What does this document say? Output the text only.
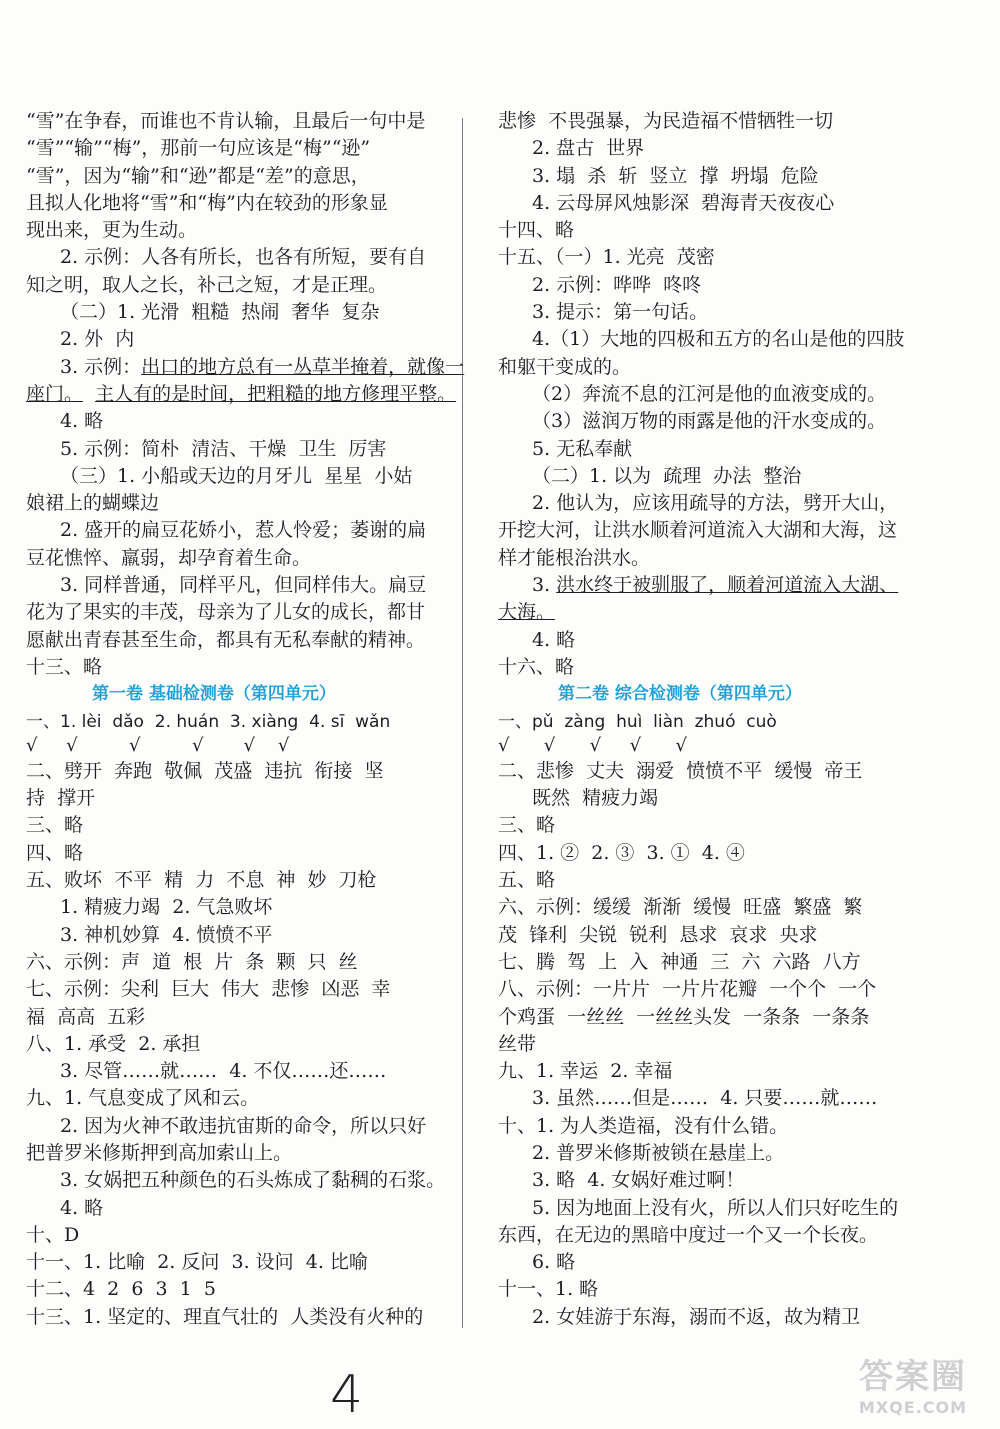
“雪”在争春，而谁也不肯认输，且最后一句中是
“雪”“输”“梅”，那前一句应该是“梅”“逊”
“雪”，因为“输”和“逊”都是“差”的意思，
且拟人化地将“雪”和“梅”内在较劲的形象显
现出来，更为生动。
2. 示例：人各有所长，也各有所短，要有自
知之明，取人之长，补己之短，才是正理。
（二）1. 光滑  粗糙  热闹  奢华  复杂
2. 外  内
3. 示例：出口的地方总有一丛草半掩着，就像一
座门。 主人有的是时间，把粗糙的地方修理平整。
4. 略
5. 示例：简朴  清洁、干燥  卫生  厉害
（三）1. 小船或天边的月牙儿  星星  小姑
娘裙上的蝴蝶边
2. 盛开的扁豆花娇小，惹人怜爱；萎谢的扁
豆花憔悴、羸弱，却孕育着生命。
3. 同样普通，同样平凡，但同样伟大。扁豆
花为了果实的丰茂，母亲为了儿女的成长，都甘
愿献出青春甚至生命，都具有无私奉献的精神。
十三、略
第一卷 基础检测卷（第四单元）
一、1. lèi  dǎo  2. huán  3. xiàng  4. sī  wǎn
√     √         √         √       √    √
二、劈开  奔跑  敬佩  茂盛  违抗  衔接  坚
持  撑开
三、略
四、略
五、败坏  不平  精  力  不息  神  妙  刀枪
1. 精疲力竭  2. 气急败坏
3. 神机妙算  4. 愤愤不平
六、示例：声  道  根  片  条  颗  只  丝
七、示例：尖利  巨大  伟大  悲惨  凶恶  幸
福  高高  五彩
八、1. 承受  2. 承担
3. 尽管……就……  4. 不仅……还……
九、1. 气息变成了风和云。
2. 因为火神不敢违抗宙斯的命令，所以只好
把普罗米修斯押到高加索山上。
3. 女娲把五种颜色的石头炼成了黏稠的石浆。
4. 略
十、D
十一、1. 比喻  2. 反问  3. 设问  4. 比喻
十二、4  2  6  3  1  5
十三、1. 坚定的、理直气壮的  人类没有火种的
悲惨  不畏强暴，为民造福不惜牺牲一切
2. 盘古  世界
3. 塌  杀  斩  竖立  撑  坍塌  危险
4. 云母屏风烛影深  碧海青天夜夜心
十四、略
十五、（一）1. 光亮  茂密
2. 示例：哗哗  咚咚
3. 提示：第一句话。
4.（1）大地的四极和五方的名山是他的四肢
和躯干变成的。
（2）奔流不息的江河是他的血液变成的。
（3）滋润万物的雨露是他的汗水变成的。
5. 无私奉献
（二）1. 以为  疏理  办法  整治
2. 他认为，应该用疏导的方法，劈开大山，
开挖大河，让洪水顺着河道流入大湖和大海，这
样才能根治洪水。
3. 洪水终于被驯服了，顺着河道流入大湖、
大海。
4. 略
十六、略
第二卷 综合检测卷（第四单元）
一、pǔ  zàng  huì  liàn  zhuó  cuò
√      √      √     √      √
二、悲惨  丈夫  溺爱  愤愤不平  缓慢  帝王
既然  精疲力竭
三、略
四、1. ②  2. ③  3. ①  4. ④
五、略
六、示例：缓缓  渐渐  缓慢  旺盛  繁盛  繁
茂  锋利  尖锐  锐利  恳求  哀求  央求
七、腾  驾  上  入  神通  三  六  六路  八方
八、示例：一片片  一片片花瓣  一个个  一个
个鸡蛋  一丝丝  一丝丝头发  一条条  一条条
丝带
九、1. 幸运  2. 幸福
3. 虽然……但是……  4. 只要……就……
十、1. 为人类造福，没有什么错。
2. 普罗米修斯被锁在悬崖上。
3. 略  4. 女娲好难过啊！
5. 因为地面上没有火，所以人们只好吃生的
东西，在无边的黑暗中度过一个又一个长夜。
6. 略
十一、1. 略
2. 女娃游于东海，溺而不返，故为精卫
4	答案圈
MXQE.COM
